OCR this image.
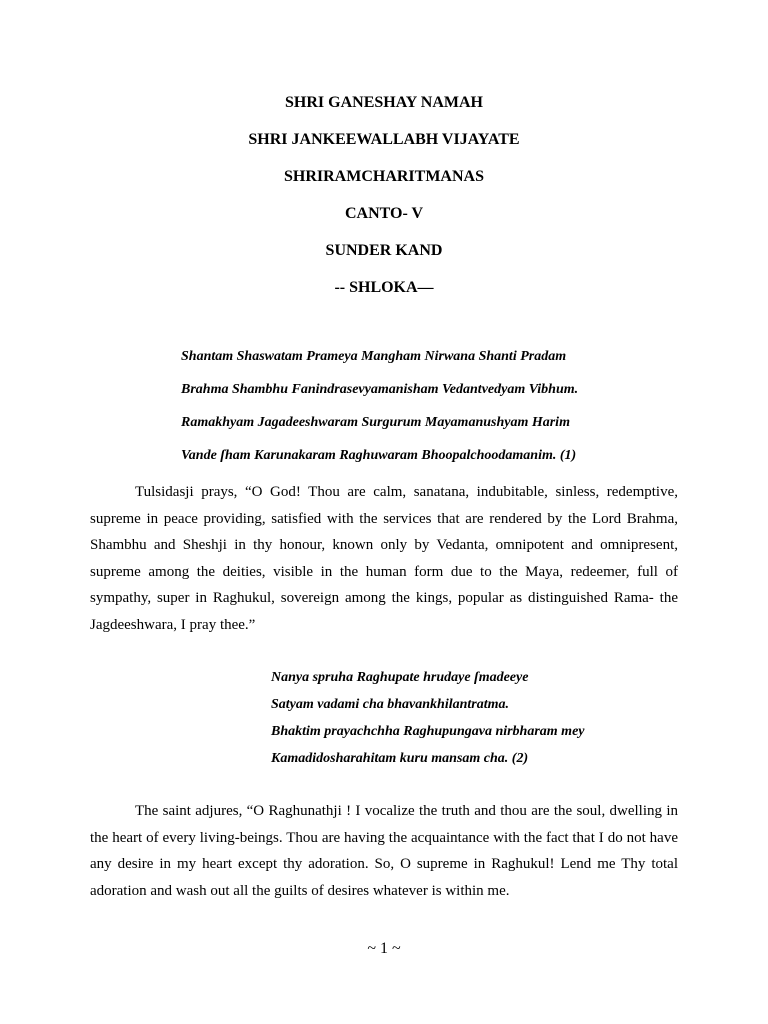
SHRI GANESHAY NAMAH
SHRI JANKEEWALLABH VIJAYATE
SHRIRAMCHARITMANAS
CANTO- V
SUNDER KAND
-- SHLOKA—
Shantam Shaswatam Prameya Mangham Nirwana Shanti Pradam
Brahma Shambhu Fanindrasevyamanisham Vedantvedyam Vibhum.
Ramakhyam Jagadeeshwaram Surgurum Mayamanushyam Harim
Vande ſham Karunakaram Raghuwaram Bhoopalchoodamanim. (1)

Tulsidasji prays, “O God! Thou are calm, sanatana, indubitable, sinless, redemptive, supreme in peace providing, satisfied with the services that are rendered by the Lord Brahma, Shambhu and Sheshji in thy honour, known only by Vedanta, omnipotent and omnipresent, supreme among the deities, visible in the human form due to the Maya, redeemer, full of sympathy, super in Raghukul, sovereign among the kings, popular as distinguished Rama- the Jagdeeshwara, I pray thee.”

Nanya spruha Raghupate hrudaye ſmadeeye
Satyam vadami cha bhavankhilantratma.
Bhaktim prayachchha Raghupungava nirbharam mey
Kamadidosharahitam kuru mansam cha. (2)

The saint adjures, “O Raghunathji ! I vocalize the truth and thou are the soul, dwelling in the heart of every living-beings. Thou are having the acquaintance with the fact that I do not have any desire in my heart except thy adoration. So, O supreme in Raghukul! Lend me Thy total adoration and wash out all the guilts of desires whatever is within me.

~ 1 ~
